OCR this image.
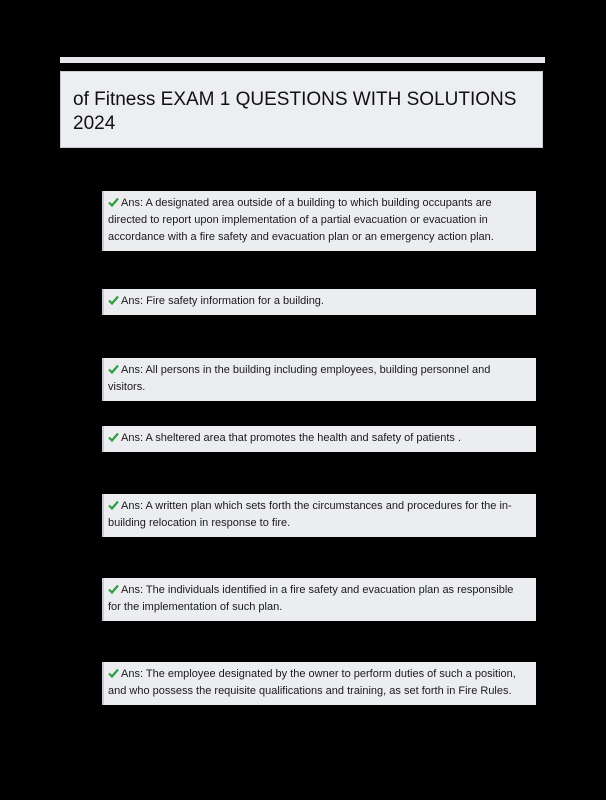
of Fitness EXAM 1 QUESTIONS WITH SOLUTIONS 2024
Ans: A designated area outside of a building to which building occupants are directed to report upon implementation of a partial evacuation or evacuation in accordance with a fire safety and evacuation plan or an emergency action plan.
Ans: Fire safety information for a building.
Ans: All persons in the building including employees, building personnel and visitors.
Ans: A sheltered area that promotes the health and safety of patients .
Ans: A written plan which sets forth the circumstances and procedures for the in-building relocation in response to fire.
Ans: The individuals identified in a fire safety and evacuation plan as responsible for the implementation of such plan.
Ans: The employee designated by the owner to perform duties of such a position, and who possess the requisite qualifications and training, as set forth in Fire Rules.
